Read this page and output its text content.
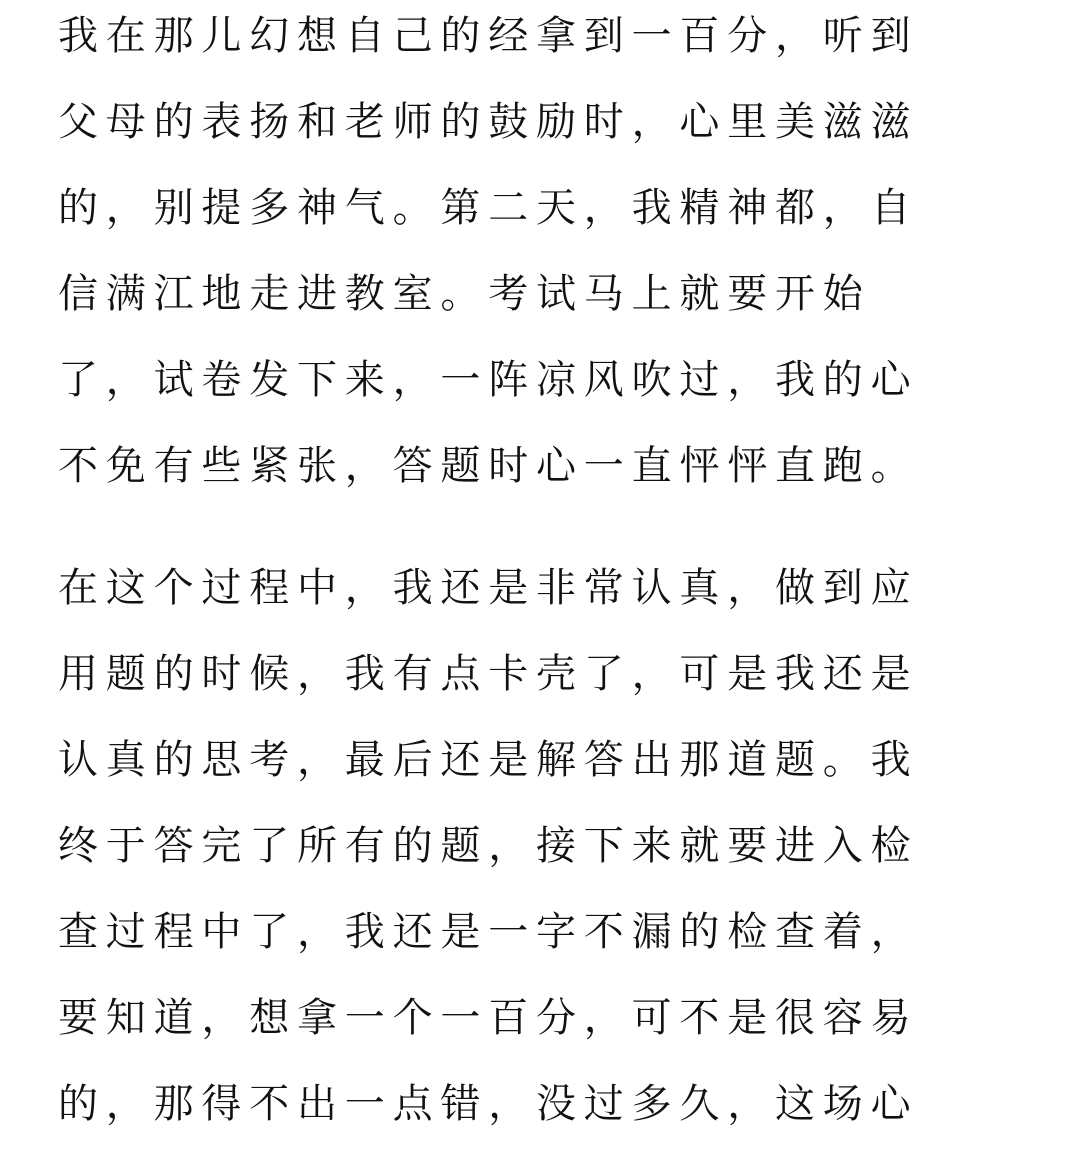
我在那儿幻想自己的经拿到一百分，听到
父母的表扬和老师的鼓励时，心里美滋滋
的，别提多神气。第二天，我精神都，自
信满江地走进教室。考试马上就要开始
了，试卷发下来，一阵凉风吹过，我的心
不免有些紧张，答题时心一直怦怦直跑。
在这个过程中，我还是非常认真，做到应
用题的时候，我有点卡壳了，可是我还是
认真的思考，最后还是解答出那道题。我
终于答完了所有的题，接下来就要进入检
查过程中了，我还是一字不漏的检查着，
要知道，想拿一个一百分，可不是很容易
的，那得不出一点错，没过多久，这场心
